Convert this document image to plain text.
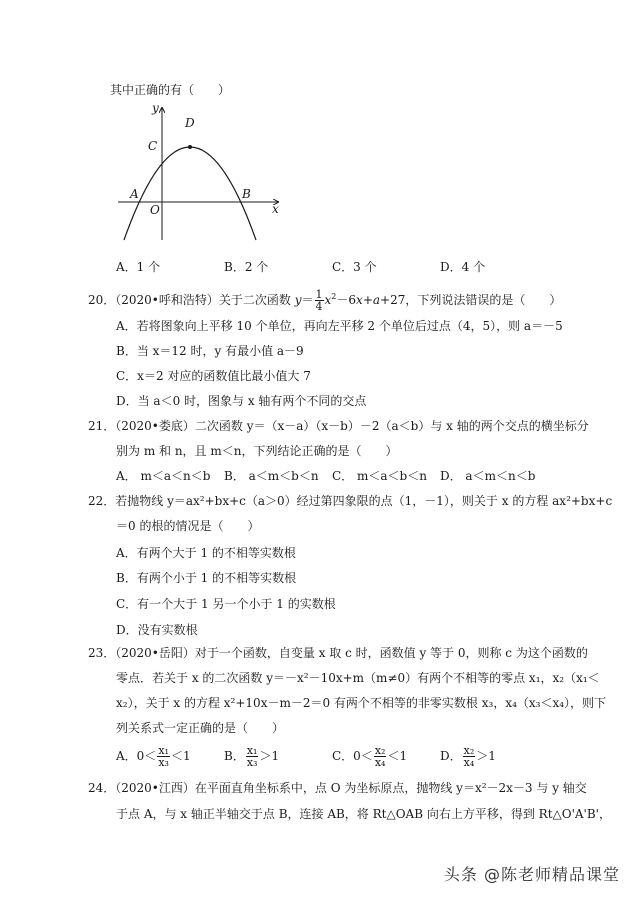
其中正确的有（　　）
y
x
D
C
A	B
O
A．1 个	B．2 个	C．3 个	D．4 个
20．（2020•呼和浩特）关于二次函数 $y= \frac{1}{4} x^2-6x+a+27$，下列说法错误的是（　　）
A．若将图象向上平移 10 个单位，再向左平移 2 个单位后过点（4，5），则 a＝－5
B．当 x＝12 时，y 有最小值 a－9
C．x＝2 对应的函数值比最小值大 7
D．当 a＜0 时，图象与 x 轴有两个不同的交点
21．（2020•娄底）二次函数 y＝（x－a）（x－b）－2（a＜b）与 x 轴的两个交点的横坐标分
别为 m 和 n，且 m＜n，下列结论正确的是（　　）
A． m＜a＜n＜b B． a＜m＜b＜n C． m＜a＜b＜n D． a＜m＜n＜b
22．若抛物线 y＝ax²+bx+c（a＞0）经过第四象限的点（1，－1），则关于 x 的方程 ax²+bx+c
＝0 的根的情况是（　　）
A．有两个大于 1 的不相等实数根
B．有两个小于 1 的不相等实数根
C．有一个大于 1 另一个小于 1 的实数根
D．没有实数根
23．（2020•岳阳）对于一个函数，自变量 x 取 c 时，函数值 y 等于 0，则称 c 为这个函数的
零点．若关于 x 的二次函数 y＝－x²－10x+m（m≠0）有两个不相等的零点 x₁，x₂（x₁＜
x₂），关于 x 的方程 x²+10x－m－2＝0 有两个不相等的非零实数根 x₃，x₄（x₃＜x₄），则下
列关系式一定正确的是（　　）
A．$0< \frac{\text{x₁}}{\text{x₃}} <1$	B． $\frac{\text{x₁}}{\text{x₃}} >1$	C．$0< \frac{\text{x₂}}{\text{x₄}} <1$	D． $\frac{\text{x₂}}{\text{x₄}} >1$
24．（2020•江西）在平面直角坐标系中，点 O 为坐标原点，抛物线 y＝x²－2x－3 与 y 轴交
于点 A，与 x 轴正半轴交于点 B，连接 AB，将 Rt△OAB 向右上方平移，得到 Rt△O'A'B'，
头条 @陈老师精品课堂
